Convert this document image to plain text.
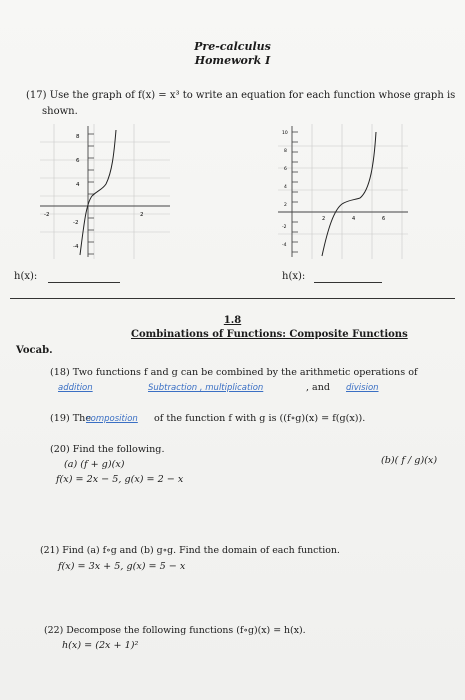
Pre-calculus
Homework I
(17) Use the graph of f(x) = x³ to write an equation for each function whose graph is
shown.
8
6
4
-2
-4
-2	2
10
8
6
4
2
-2
-4
2	4	6
h(x):	h(x):
1.8
Combinations of Functions: Composite Functions
Vocab.
(18) Two functions f and g can be combined by the arithmetic operations of
addition	Subtraction , multiplication	, and division
(19) The
composition of the function f with g is ((f∘g)(x) = f(g(x)).
(20) Find the following.
(a) (f + g)(x)	(b)( f / g)(x)
f(x) = 2x − 5, g(x) = 2 − x
(21) Find (a) f∘g and (b) g∘g. Find the domain of each function.
f(x) = 3x + 5, g(x) = 5 − x
(22) Decompose the following functions (f∘g)(x) = h(x).
h(x) = (2x + 1)²
